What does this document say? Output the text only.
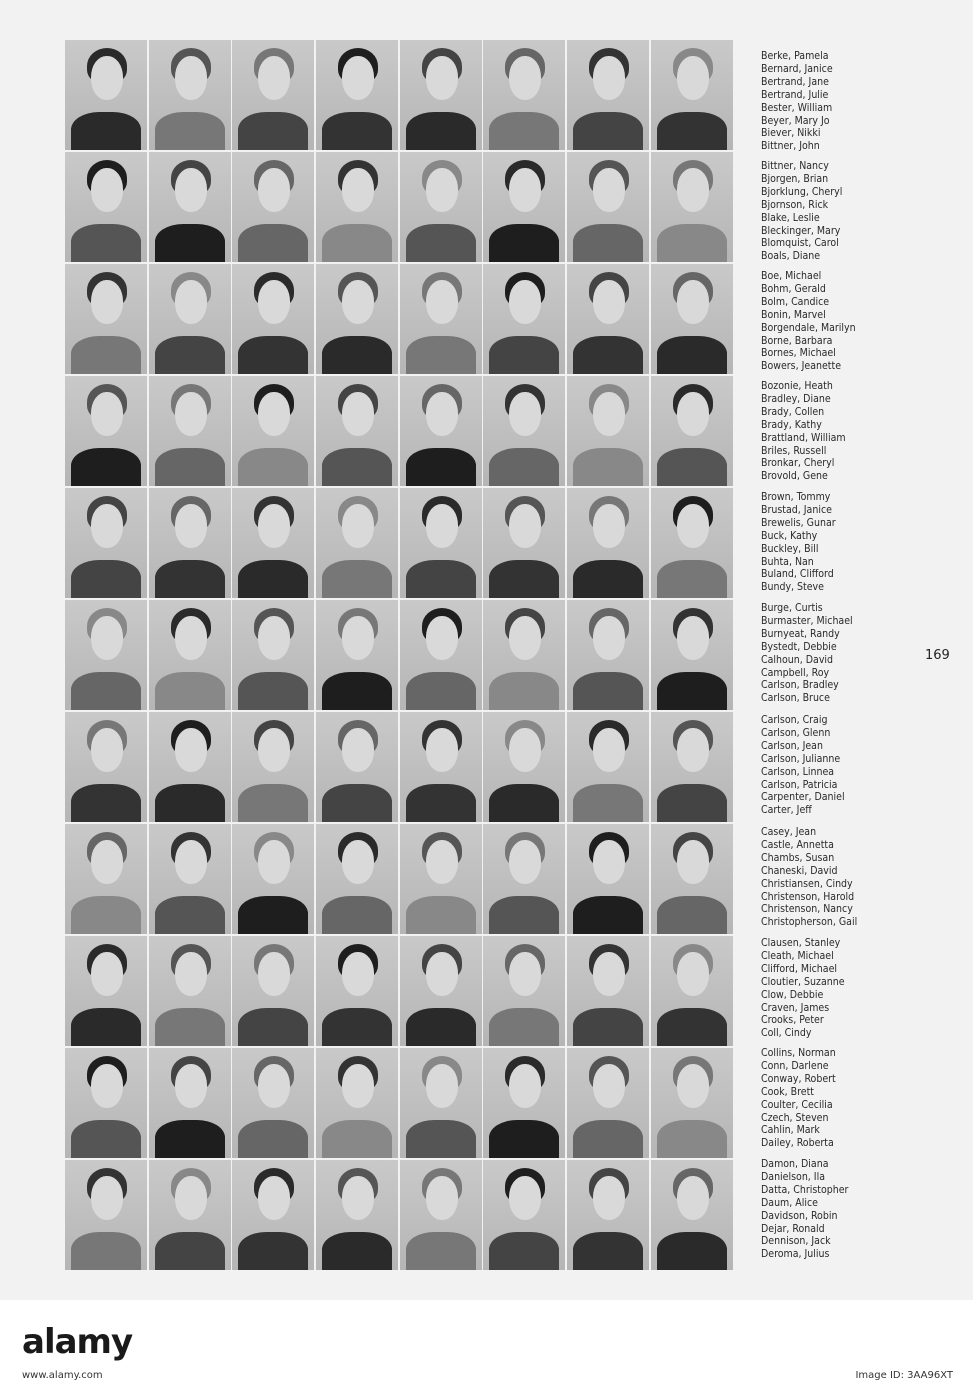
Berke, Pamela
Bernard, Janice
Bertrand, Jane
Bertrand, Julie
Bester, William
Beyer, Mary Jo
Biever, Nikki
Bittner, John
Bittner, Nancy
Bjorgen, Brian
Bjorklung, Cheryl
Bjornson, Rick
Blake, Leslie
Bleckinger, Mary
Blomquist, Carol
Boals, Diane
Boe, Michael
Bohm, Gerald
Bolm, Candice
Bonin, Marvel
Borgendale, Marilyn
Borne, Barbara
Bornes, Michael
Bowers, Jeanette
Bozonie, Heath
Bradley, Diane
Brady, Collen
Brady, Kathy
Brattland, William
Briles, Russell
Bronkar, Cheryl
Brovold, Gene
Brown, Tommy
Brustad, Janice
Brewelis, Gunar
Buck, Kathy
Buckley, Bill
Buhta, Nan
Buland, Clifford
Bundy, Steve
Burge, Curtis
Burmaster, Michael
Burnyeat, Randy
Bystedt, Debbie
Calhoun, David
Campbell, Roy
Carlson, Bradley
Carlson, Bruce
Carlson, Craig
Carlson, Glenn
Carlson, Jean
Carlson, Julianne
Carlson, Linnea
Carlson, Patricia
Carpenter, Daniel
Carter, Jeff
Casey, Jean
Castle, Annetta
Chambs, Susan
Chaneski, David
Christiansen, Cindy
Christenson, Harold
Christenson, Nancy
Christopherson, Gail
Clausen, Stanley
Cleath, Michael
Clifford, Michael
Cloutier, Suzanne
Clow, Debbie
Craven, James
Crooks, Peter
Coll, Cindy
Collins, Norman
Conn, Darlene
Conway, Robert
Cook, Brett
Coulter, Cecilia
Czech, Steven
Cahlin, Mark
Dailey, Roberta
Damon, Diana
Danielson, Ila
Datta, Christopher
Daum, Alice
Davidson, Robin
Dejar, Ronald
Dennison, Jack
Deroma, Julius
169
alamy
www.alamy.com	Image ID: 3AA96XT
